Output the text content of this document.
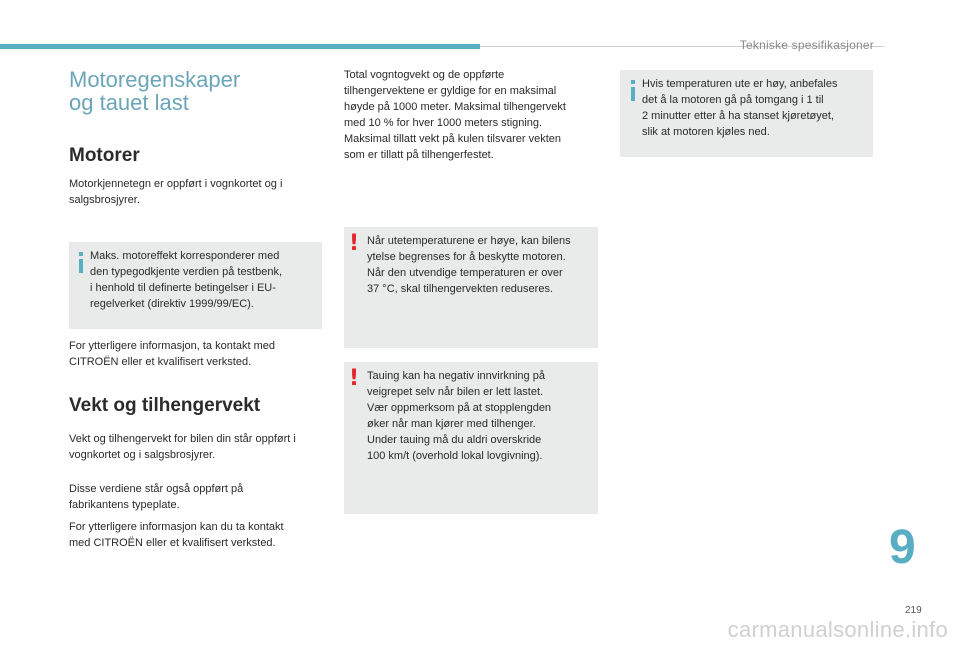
Tekniske spesifikasjoner
Motoregenskaper
og tauet last
Motorer
Motorkjennetegn er oppført i vognkortet og i
salgsbrosjyrer.
Maks. motoreffekt korresponderer med
den typegodkjente verdien på testbenk,
i henhold til definerte betingelser i EU-
regelverket (direktiv 1999/99/EC).
For ytterligere informasjon, ta kontakt med
CITROËN eller et kvalifisert verksted.
Vekt og tilhengervekt
Vekt og tilhengervekt for bilen din står oppført i
vognkortet og i salgsbrosjyrer.
Disse verdiene står også oppført på
fabrikantens typeplate.
For ytterligere informasjon kan du ta kontakt
med CITROËN eller et kvalifisert verksted.
Total vogntogvekt og de oppførte
tilhengervektene er gyldige for en maksimal
høyde på 1000 meter. Maksimal tilhengervekt
med 10 % for hver 1000 meters stigning.
Maksimal tillatt vekt på kulen tilsvarer vekten
som er tillatt på tilhengerfestet.
! Når utetemperaturene er høye, kan bilens
ytelse begrenses for å beskytte motoren.
Når den utvendige temperaturen er over
37 °C, skal tilhengervekten reduseres.
! Tauing kan ha negativ innvirkning på
veigrepet selv når bilen er lett lastet.
Vær oppmerksom på at stopplengden
øker når man kjører med tilhenger.
Under tauing må du aldri overskride
100 km/t (overhold lokal lovgivning).
Hvis temperaturen ute er høy, anbefales
det å la motoren gå på tomgang i 1 til
2 minutter etter å ha stanset kjøretøyet,
slik at motoren kjøles ned.
9
219
carmanualsonline.info
